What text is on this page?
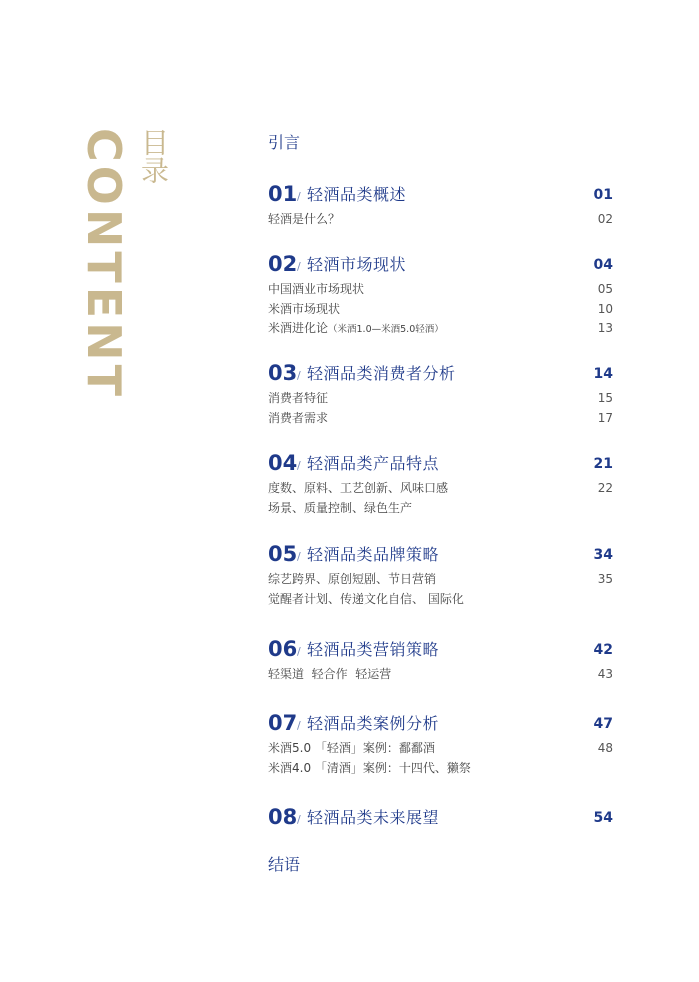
CONTENT 目录	引言
01 / 轻酒品类概述	01
轻酒是什么？	02
02 / 轻酒市场现状	04
中国酒业市场现状	05
米酒市场现状	10
米酒进化论（米酒1.0—米酒5.0轻酒）	13
03 / 轻酒品类消费者分析	14
消费者特征	15
消费者需求	17
04 / 轻酒品类产品特点	21
度数、原料、工艺创新、风味口感	22
场景、质量控制、绿色生产
05 / 轻酒品类品牌策略	34
综艺跨界、原创短剧、节日营销	35
觉醒者计划、传递文化自信、 国际化
06 / 轻酒品类营销策略	42
轻渠道  轻合作  轻运营	43
07 / 轻酒品类案例分析	47
米酒5.0 「轻酒」案例：鄱鄱酒	48
米酒4.0 「清酒」案例：十四代、獭祭
08 / 轻酒品类未来展望	54
结语
